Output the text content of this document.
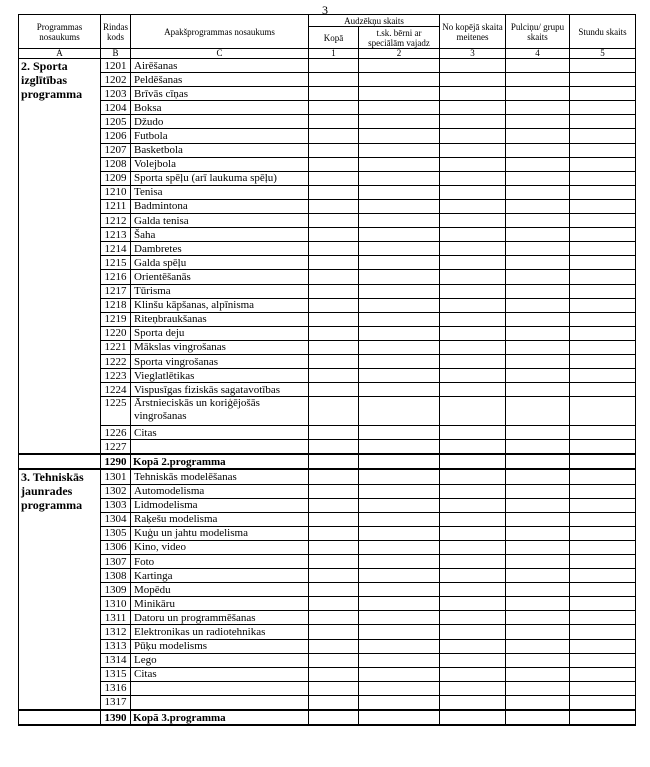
3
Programmas nosaukums	Rindas kods	Apakšprogrammas nosaukums	Audzēkņu skaits		No kopējā skaita meitenes	Pulciņu/ grupu skaits	Stundu skaits
			Kopā	t.sk. bērni ar speciālām vajadz			
A	B	C	1	2	3	4	5
2. Sporta izglītības programma	1201	Airēšanas					
	1202	Peldēšanas					
	1203	Brīvās cīņas					
	1204	Boksa					
	1205	Džudo					
	1206	Futbola					
	1207	Basketbola					
	1208	Volejbola					
	1209	Sporta spēļu (arī laukuma spēļu)					
	1210	Tenisa					
	1211	Badmintona					
	1212	Galda tenisa					
	1213	Šaha					
	1214	Dambretes					
	1215	Galda spēļu					
	1216	Orientēšanās					
	1217	Tūrisma					
	1218	Klinšu kāpšanas, alpīnisma					
	1219	Riteņbraukšanas					
	1220	Sporta deju					
	1221	Mākslas vingrošanas					
	1222	Sporta vingrošanas					
	1223	Vieglatlētikas					
	1224	Vispusīgas fiziskās sagatavotības					
	1225	Ārstnieciskās un koriģējošās vingrošanas					
	1226	Citas					
	1227						
	1290	Kopā 2.programma					
3. Tehniskās jaunrades programma	1301	Tehniskās modelēšanas					
	1302	Automodelisma					
	1303	Lidmodelisma					
	1304	Raķešu modelisma					
	1305	Kuģu un jahtu modelisma					
	1306	Kino, video					
	1307	Foto					
	1308	Kartinga					
	1309	Mopēdu					
	1310	Minikāru					
	1311	Datoru un programmēšanas					
	1312	Elektronikas un radiotehnikas					
	1313	Pūķu modelisms					
	1314	Lego					
	1315	Citas					
	1316						
	1317						
	1390	Kopā 3.programma					
